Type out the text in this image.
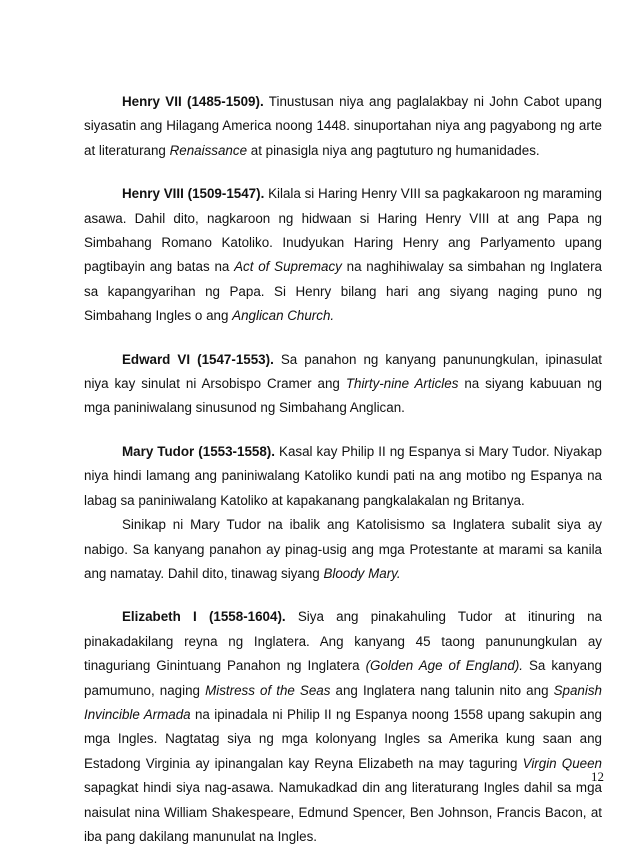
Henry VII (1485-1509). Tinustusan niya ang paglalakbay ni John Cabot upang siyasatin ang Hilagang America noong 1448. sinuportahan niya ang pagyabong ng arte at literaturang Renaissance at pinasigla niya ang pagtuturo ng humanidades.

Henry VIII (1509-1547). Kilala si Haring Henry VIII sa pagkakaroon ng maraming asawa. Dahil dito, nagkaroon ng hidwaan si Haring Henry VIII at ang Papa ng Simbahang Romano Katoliko. Inudyukan Haring Henry ang Parlyamento upang pagtibayin ang batas na Act of Supremacy na naghihiwalay sa simbahan ng Inglatera sa kapangyarihan ng Papa. Si Henry bilang hari ang siyang naging puno ng Simbahang Ingles o ang Anglican Church.

Edward VI (1547-1553). Sa panahon ng kanyang panunungkulan, ipinasulat niya kay sinulat ni Arsobispo Cramer ang Thirty-nine Articles na siyang kabuuan ng mga paniniwalang sinusunod ng Simbahang Anglican.

Mary Tudor (1553-1558). Kasal kay Philip II ng Espanya si Mary Tudor. Niyakap niya hindi lamang ang paniniwalang Katoliko kundi pati na ang motibo ng Espanya na labag sa paniniwalang Katoliko at kapakanang pangkalakalan ng Britanya.

Sinikap ni Mary Tudor na ibalik ang Katolisismo sa Inglatera subalit siya ay nabigo. Sa kanyang panahon ay pinag-usig ang mga Protestante at marami sa kanila ang namatay. Dahil dito, tinawag siyang Bloody Mary.

Elizabeth I (1558-1604). Siya ang pinakahuling Tudor at itinuring na pinakadakilang reyna ng Inglatera. Ang kanyang 45 taong panunungkulan ay tinaguriang Ginintuang Panahon ng Inglatera (Golden Age of England). Sa kanyang pamumuno, naging Mistress of the Seas ang Inglatera nang talunin nito ang Spanish Invincible Armada na ipinadala ni Philip II ng Espanya noong 1558 upang sakupin ang mga Ingles. Nagtatag siya ng mga kolonyang Ingles sa Amerika kung saan ang Estadong Virginia ay ipinangalan kay Reyna Elizabeth na may taguring Virgin Queen sapagkat hindi siya nag-asawa. Namukadkad din ang literaturang Ingles dahil sa mga naisulat nina William Shakespeare, Edmund Spencer, Ben Johnson, Francis Bacon, at iba pang dakilang manunulat na Ingles.

12
